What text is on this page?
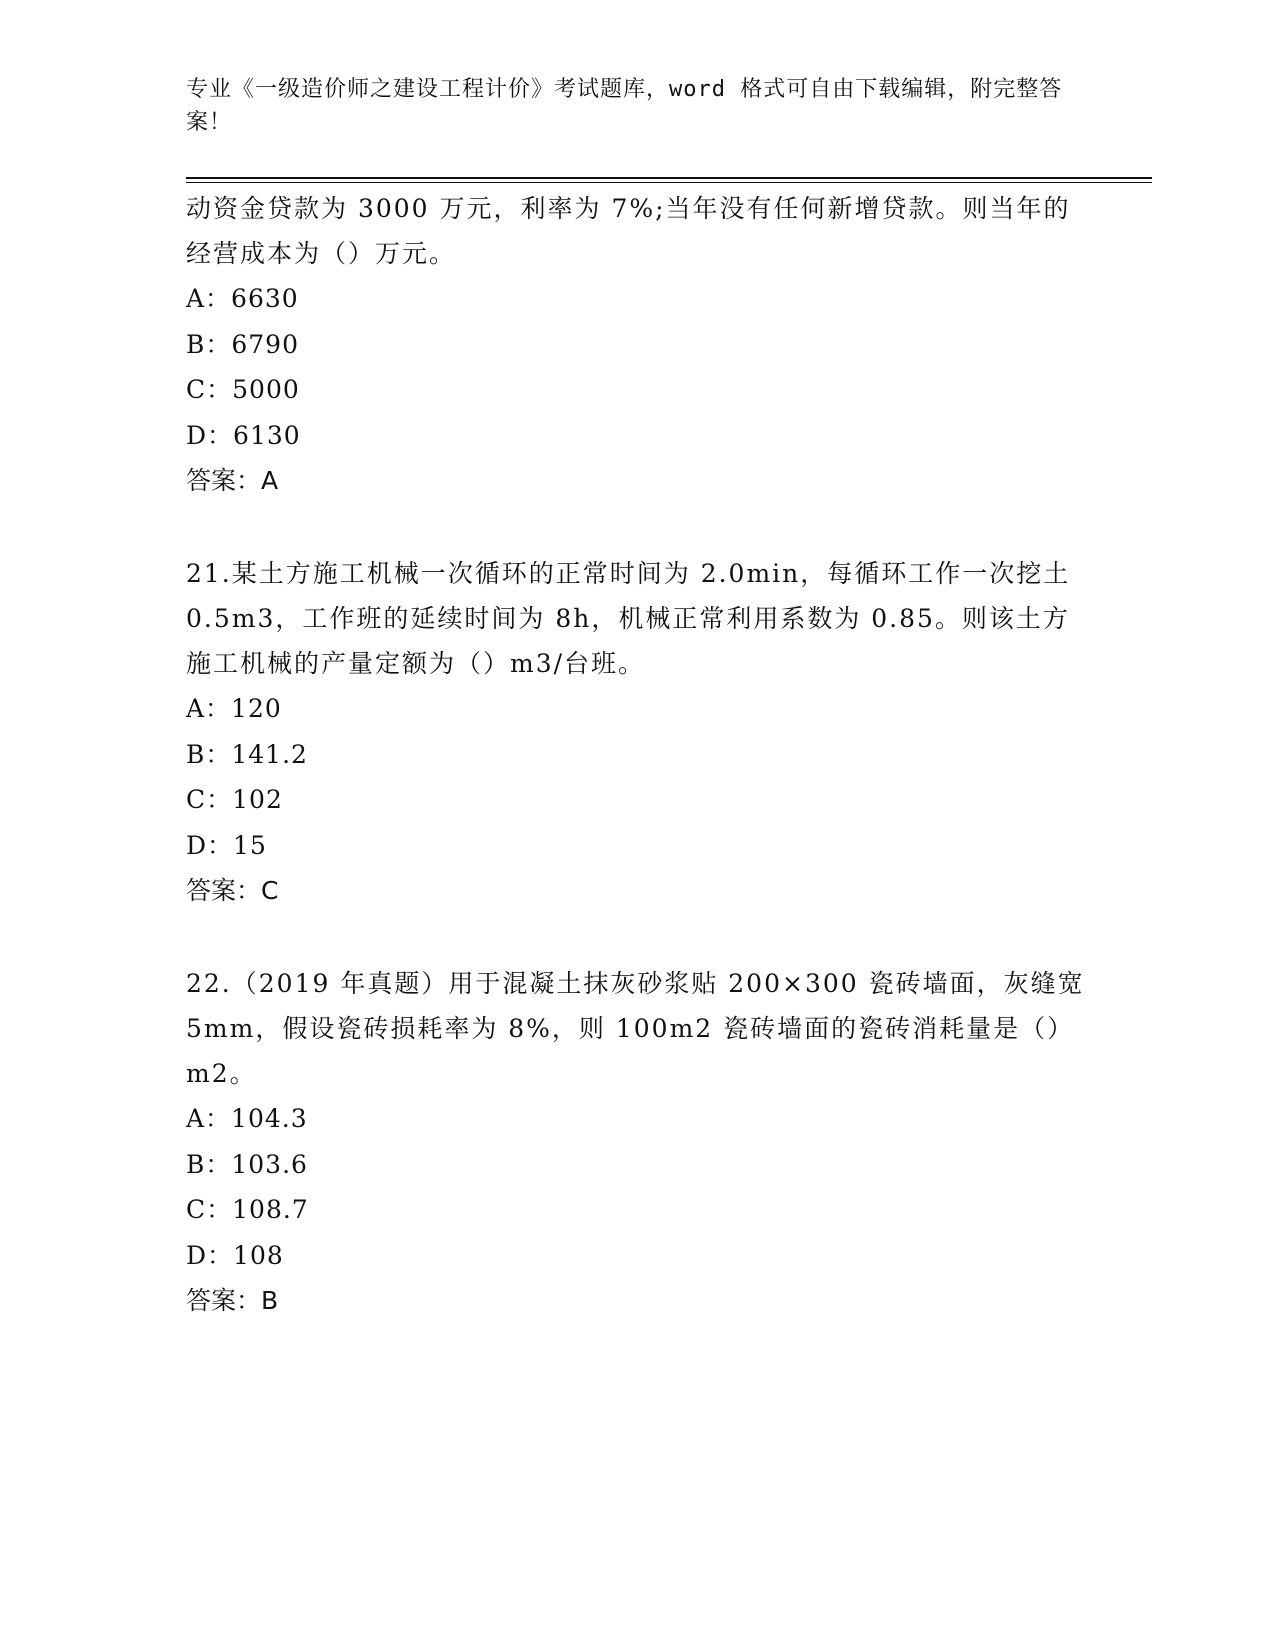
专业《一级造价师之建设工程计价》考试题库，word 格式可自由下载编辑，附完整答案！
动资金贷款为 3000 万元，利率为 7%;当年没有任何新增贷款。则当年的经营成本为（）万元。
A：6630
B：6790
C：5000
D：6130
答案：A
21.某土方施工机械一次循环的正常时间为 2.0min，每循环工作一次挖土 0.5m3，工作班的延续时间为 8h，机械正常利用系数为 0.85。则该土方施工机械的产量定额为（）m3/台班。
A：120
B：141.2
C：102
D：15
答案：C
22.（2019 年真题）用于混凝土抹灰砂浆贴 200×300 瓷砖墙面，灰缝宽 5mm，假设瓷砖损耗率为 8%，则 100m2 瓷砖墙面的瓷砖消耗量是（）m2。
A：104.3
B：103.6
C：108.7
D：108
答案：B
